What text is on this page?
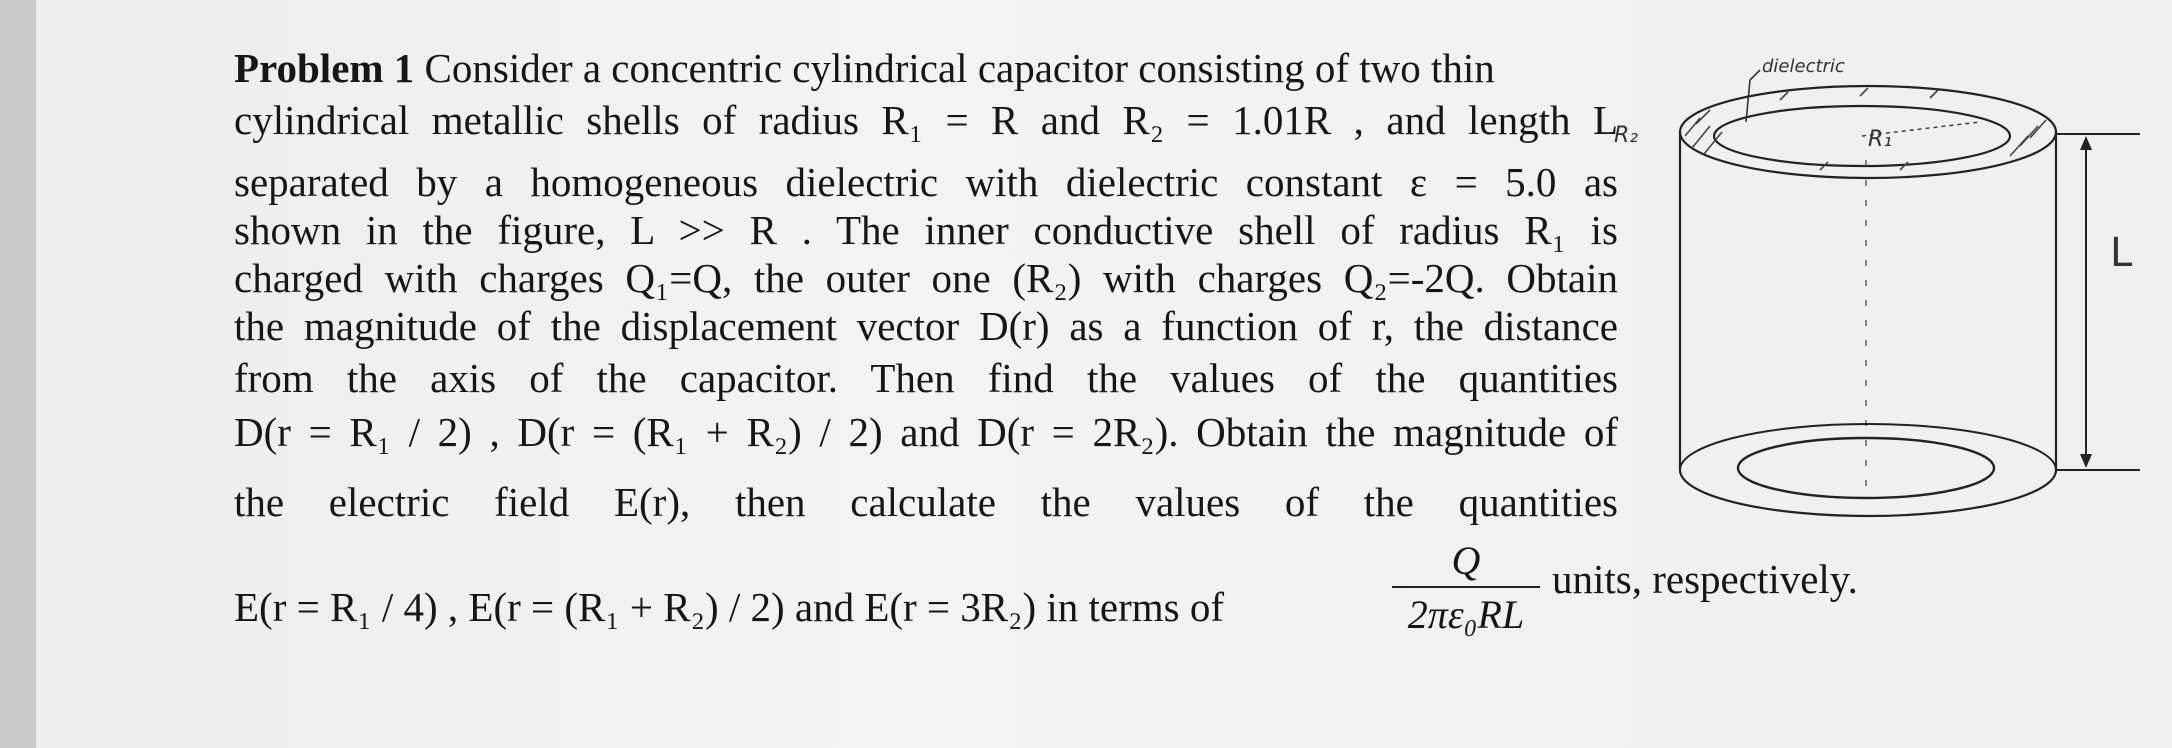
Problem 1 Consider a concentric cylindrical capacitor consisting of two thin
cylindrical metallic shells of radius R₁ = R and R₂ = 1.01R , and length L
separated by a homogeneous dielectric with dielectric constant ε = 5.0 as
shown in the figure, L >> R . The inner conductive shell of radius R₁ is
charged with charges Q₁=Q, the outer one (R₂) with charges Q₂=-2Q. Obtain
the magnitude of the displacement vector D(r) as a function of r, the distance
from the axis of the capacitor. Then find the values of the quantities
D(r = R₁ / 2) , D(r = (R₁ + R₂) / 2) and D(r = 2R₂). Obtain the magnitude of
the electric field E(r), then calculate the values of the quantities
E(r = R₁ / 4) , E(r = (R₁ + R₂) / 2) and E(r = 3R₂) in terms of
Q
2πε₀RL
units, respectively.
dielectric
R₂	R₁
L
